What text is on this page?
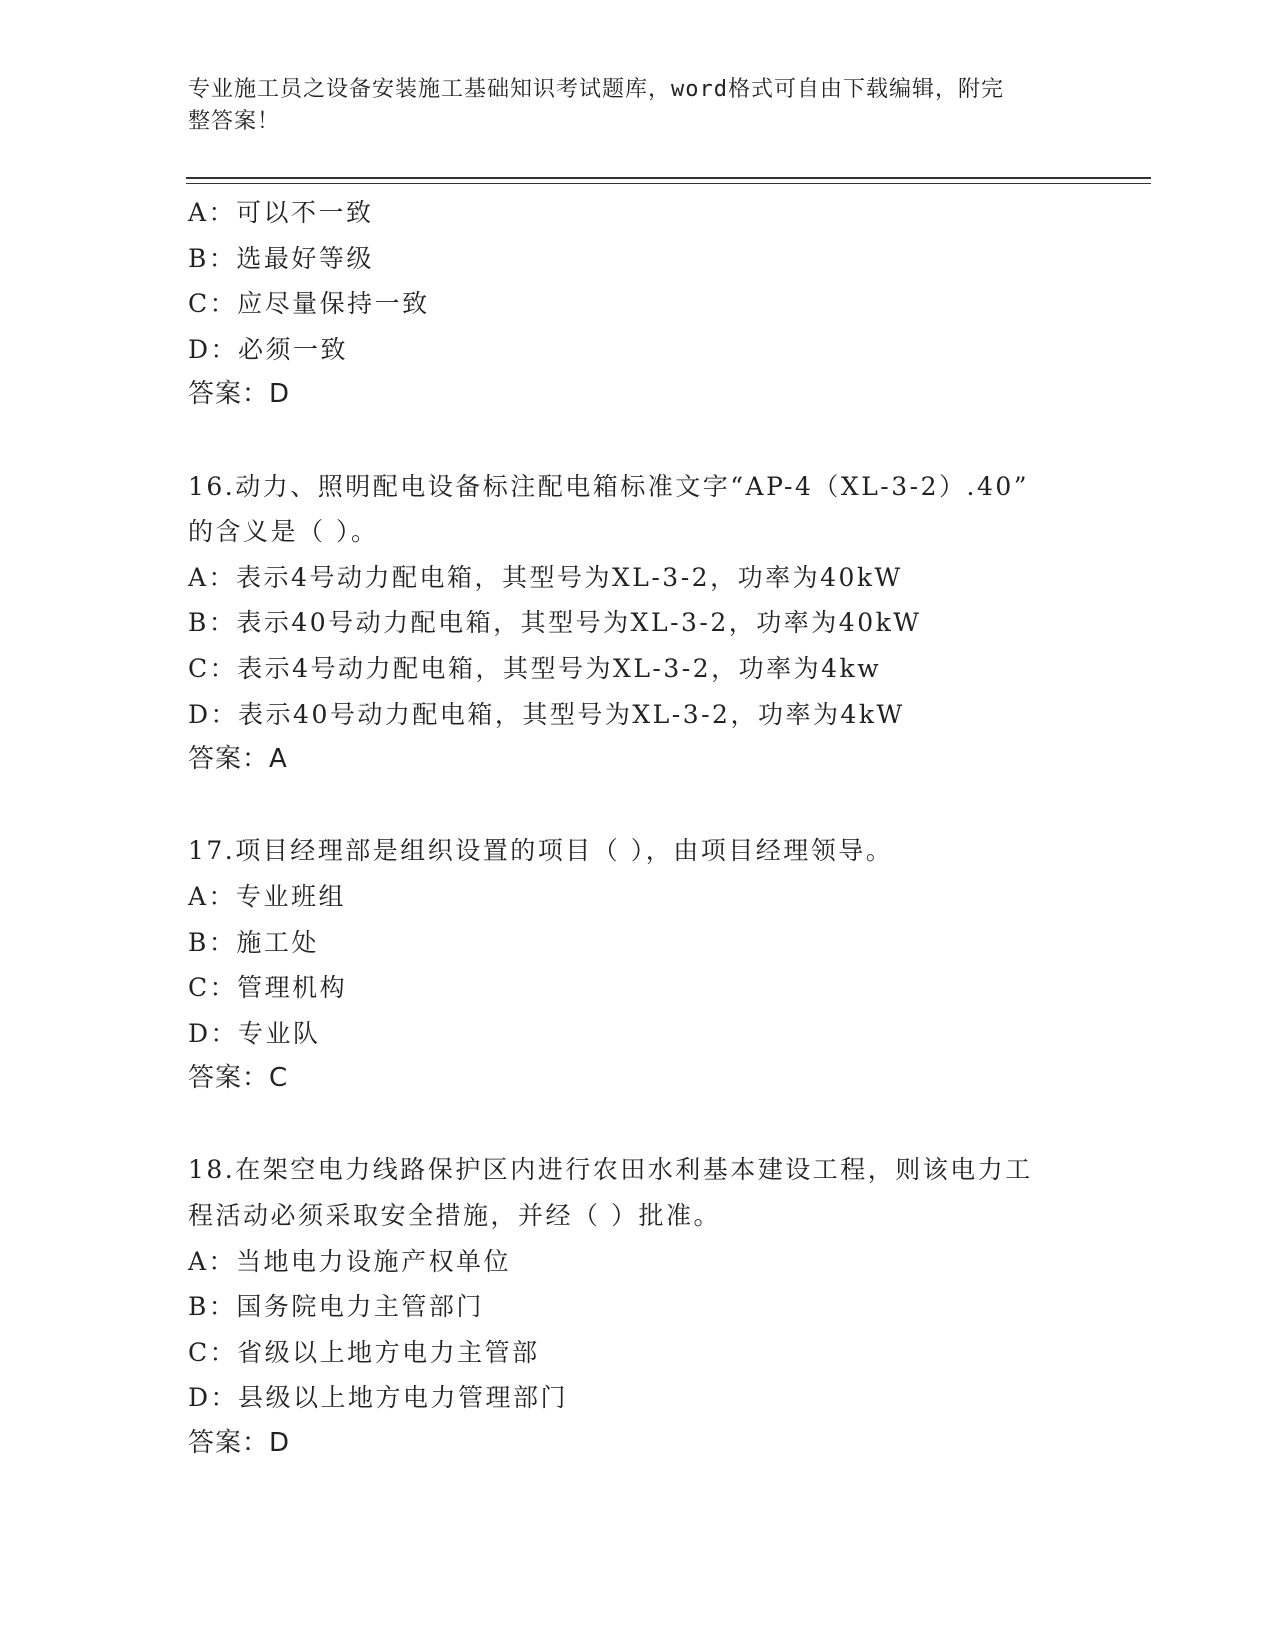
专业施工员之设备安装施工基础知识考试题库，word格式可自由下载编辑，附完
整答案！
A：可以不一致
B：选最好等级
C：应尽量保持一致
D：必须一致
答案：D
16.动力、照明配电设备标注配电箱标准文字“AP-4（XL-3-2）.40”
的含义是（ ）。
A：表示4号动力配电箱，其型号为XL-3-2，功率为40kW
B：表示40号动力配电箱，其型号为XL-3-2，功率为40kW
C：表示4号动力配电箱，其型号为XL-3-2，功率为4kw
D：表示40号动力配电箱，其型号为XL-3-2，功率为4kW
答案：A
17.项目经理部是组织设置的项目（ ），由项目经理领导。
A：专业班组
B：施工处
C：管理机构
D：专业队
答案：C
18.在架空电力线路保护区内进行农田水利基本建设工程，则该电力工
程活动必须采取安全措施，并经（ ）批准。
A：当地电力设施产权单位
B：国务院电力主管部门
C：省级以上地方电力主管部
D：县级以上地方电力管理部门
答案：D
